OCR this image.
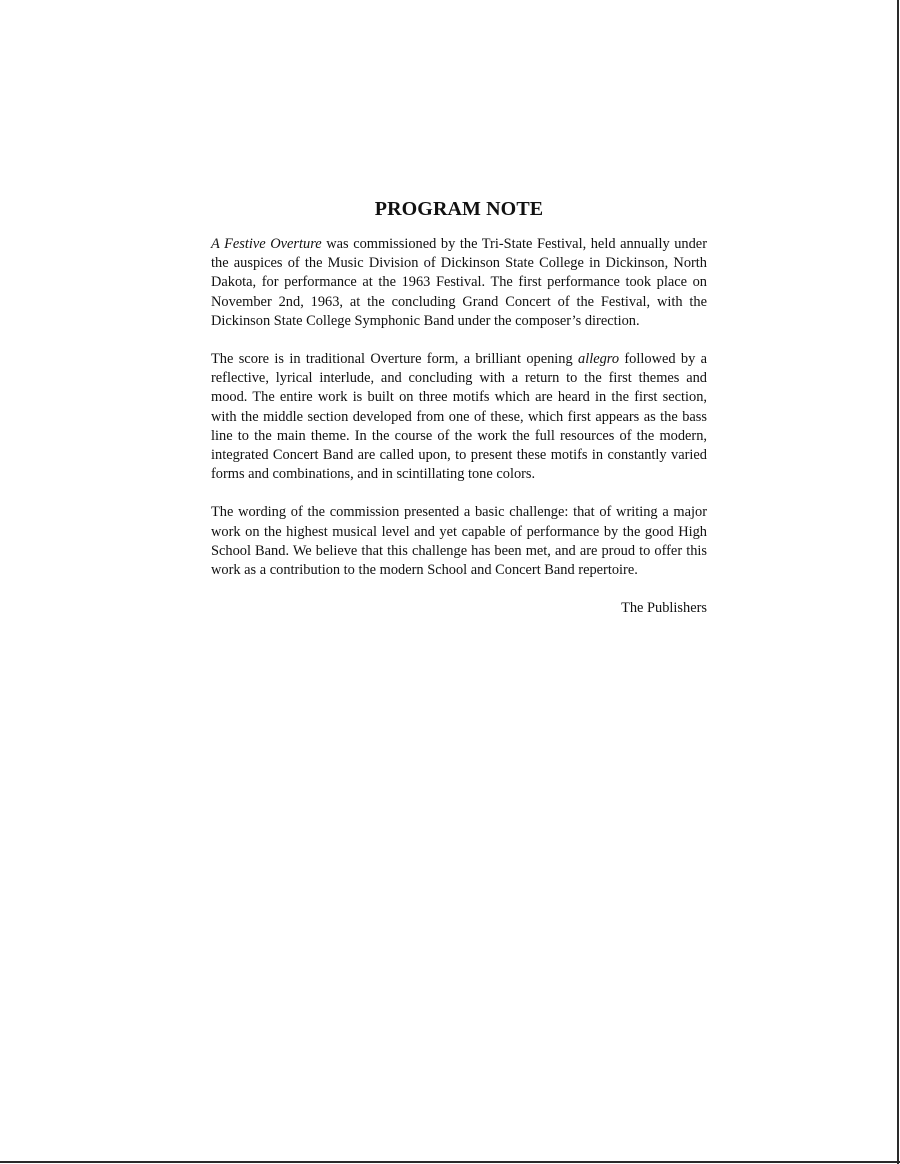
PROGRAM NOTE

A Festive Overture was commissioned by the Tri-State Festival, held annually under the auspices of the Music Division of Dickinson State College in Dickinson, North Dakota, for performance at the 1963 Festival. The first performance took place on November 2nd, 1963, at the concluding Grand Concert of the Festival, with the Dickinson State College Symphonic Band under the composer’s direction.

The score is in traditional Overture form, a brilliant opening allegro followed by a reflective, lyrical interlude, and concluding with a return to the first themes and mood. The entire work is built on three motifs which are heard in the first section, with the middle section developed from one of these, which first appears as the bass line to the main theme. In the course of the work the full resources of the modern, integrated Concert Band are called upon, to present these motifs in constantly varied forms and combinations, and in scintillating tone colors.

The wording of the commission presented a basic challenge: that of writing a major work on the highest musical level and yet capable of performance by the good High School Band. We believe that this challenge has been met, and are proud to offer this work as a contribution to the modern School and Concert Band repertoire.

The Publishers
